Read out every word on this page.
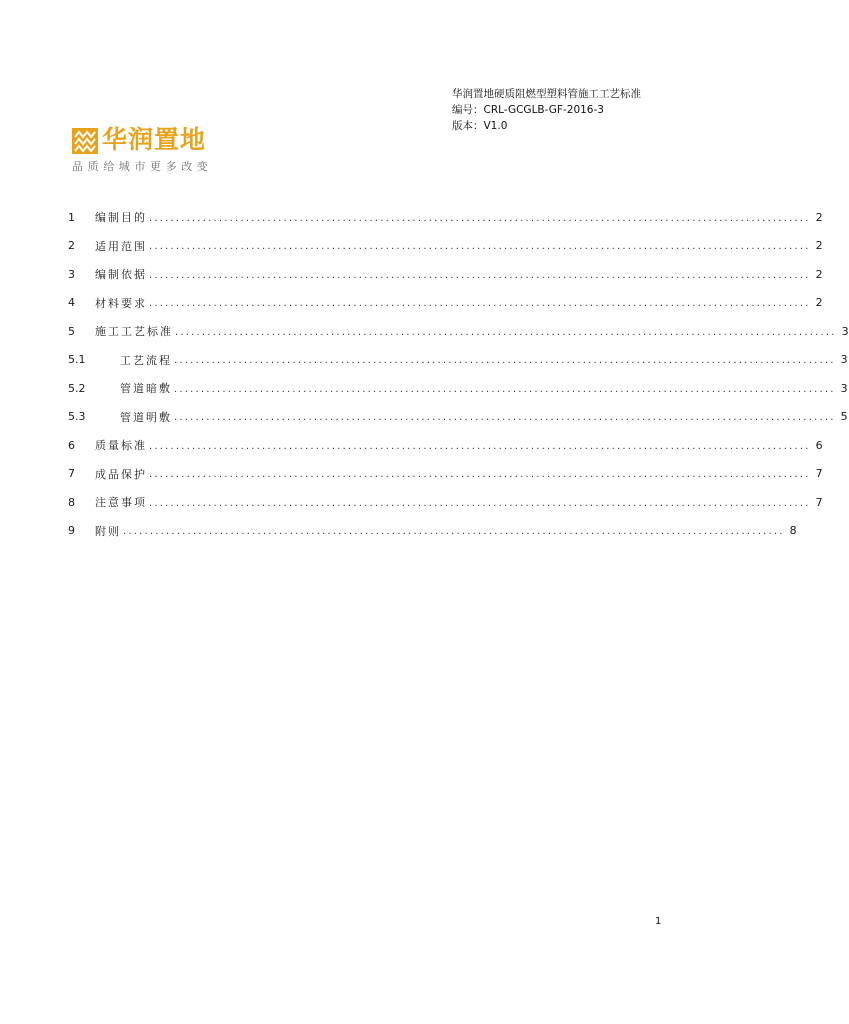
华润置地硬质阻燃型塑料管施工工艺标准
编号：CRL-GCGLB-GF-2016-3
版本：V1.0
华润置地
品质给城市更多改变
1	编制目的 ........................................................................................................................... 2
2	适用范围 ........................................................................................................................... 2
3	编制依据 ........................................................................................................................... 2
4	材料要求 ........................................................................................................................... 2
5	施工工艺标准 ........................................................................................................................... 3
5.1	工艺流程 ........................................................................................................................... 3
5.2	管道暗敷 ........................................................................................................................... 3
5.3	管道明敷 ........................................................................................................................... 5
6	质量标准 ........................................................................................................................... 6
7	成品保护 ........................................................................................................................... 7
8	注意事项 ........................................................................................................................... 7
9	附则 ........................................................................................................................... 8
1
